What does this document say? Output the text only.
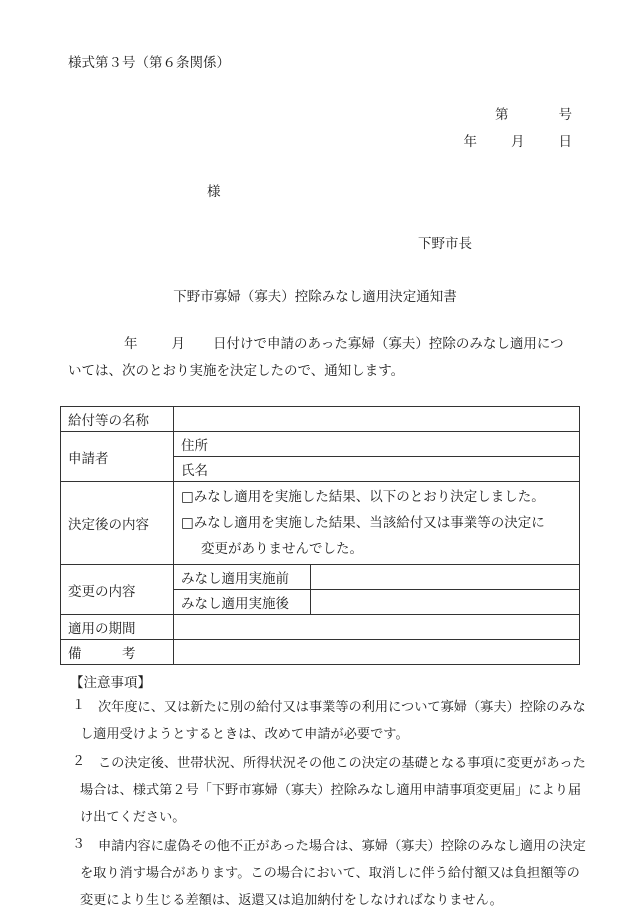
様式第３号（第６条関係）
第	号
年	月	日
様
下野市長
下野市寡婦（寡夫）控除みなし適用決定通知書
年	月 日付けで申請のあった寡婦（寡夫）控除のみなし適用につ
いては、次のとおり実施を決定したので、通知します。
給付等の名称		
申請者	住所	
	氏名	
決定後の内容	□みなし適用を実施した結果、以下のとおり決定しました。
□みなし適用を実施した結果、当該給付又は事業等の決定に
変更がありませんでした。	

変更の内容	みなし適用実施前	
	みなし適用実施後	
適用の期間		
備　　　考		
【注意事項】
１ 次年度に、又は新たに別の給付又は事業等の利用について寡婦（寡夫）控除のみな
し適用受けようとするときは、改めて申請が必要です。
２ この決定後、世帯状況、所得状況その他この決定の基礎となる事項に変更があった
場合は、様式第２号「下野市寡婦（寡夫）控除みなし適用申請事項変更届」により届
け出てください。
３ 申請内容に虚偽その他不正があった場合は、寡婦（寡夫）控除のみなし適用の決定
を取り消す場合があります。この場合において、取消しに伴う給付額又は負担額等の
変更により生じる差額は、返還又は追加納付をしなければなりません。
